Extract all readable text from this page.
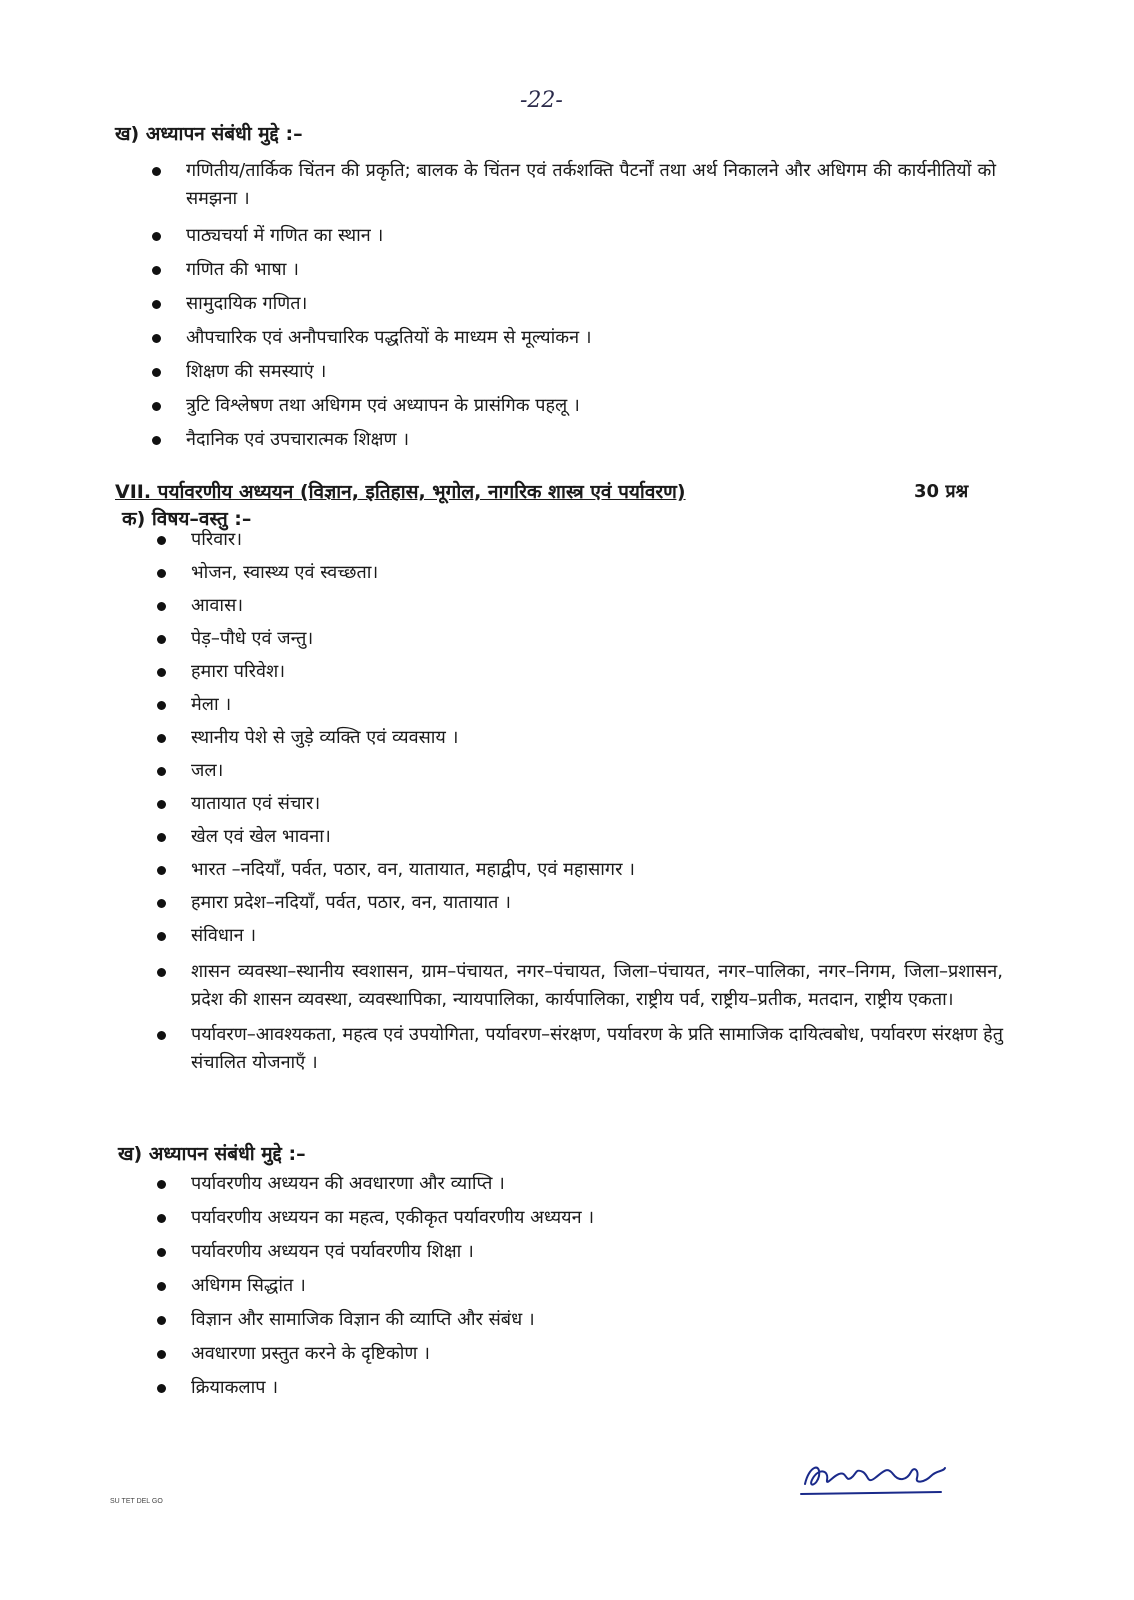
-22-
ख) अध्यापन संबंधी मुद्दे :–
गणितीय/तार्किक चिंतन की प्रकृति; बालक के चिंतन एवं तर्कशक्ति पैटर्नों तथा अर्थ निकालने और अधिगम की कार्यनीतियों को समझना ।
पाठ्यचर्या में गणित का स्थान ।
गणित की भाषा ।
सामुदायिक गणित।
औपचारिक एवं अनौपचारिक पद्धतियों के माध्यम से मूल्यांकन ।
शिक्षण की समस्याएं ।
त्रुटि विश्लेषण तथा अधिगम एवं अध्यापन के प्रासंगिक पहलू ।
नैदानिक एवं उपचारात्मक शिक्षण ।
VII. पर्यावरणीय अध्ययन (विज्ञान, इतिहास, भूगोल, नागरिक शास्त्र एवं पर्यावरण)	30 प्रश्न
क) विषय–वस्तु :–
परिवार।
भोजन, स्वास्थ्य एवं स्वच्छता।
आवास।
पेड़–पौधे एवं जन्तु।
हमारा परिवेश।
मेला ।
स्थानीय पेशे से जुड़े व्यक्ति एवं व्यवसाय ।
जल।
यातायात एवं संचार।
खेल एवं खेल भावना।
भारत –नदियाँ, पर्वत, पठार, वन, यातायात, महाद्वीप, एवं महासागर ।
हमारा प्रदेश–नदियाँ, पर्वत, पठार, वन, यातायात ।
संविधान ।
शासन व्यवस्था–स्थानीय स्वशासन, ग्राम–पंचायत, नगर–पंचायत, जिला–पंचायत, नगर–पालिका, नगर–निगम, जिला–प्रशासन, प्रदेश की शासन व्यवस्था, व्यवस्थापिका, न्यायपालिका, कार्यपालिका, राष्ट्रीय पर्व, राष्ट्रीय–प्रतीक, मतदान, राष्ट्रीय एकता।
पर्यावरण–आवश्यकता, महत्व एवं उपयोगिता, पर्यावरण–संरक्षण, पर्यावरण के प्रति सामाजिक दायित्वबोध, पर्यावरण संरक्षण हेतु संचालित योजनाएँ ।
ख) अध्यापन संबंधी मुद्दे :–
पर्यावरणीय अध्ययन की अवधारणा और व्याप्ति ।
पर्यावरणीय अध्ययन का महत्व, एकीकृत पर्यावरणीय अध्ययन ।
पर्यावरणीय अध्ययन एवं पर्यावरणीय शिक्षा ।
अधिगम सिद्धांत ।
विज्ञान और सामाजिक विज्ञान की व्याप्ति और संबंध ।
अवधारणा प्रस्तुत करने के दृष्टिकोण ।
क्रियाकलाप ।
SU TET DEL GO
